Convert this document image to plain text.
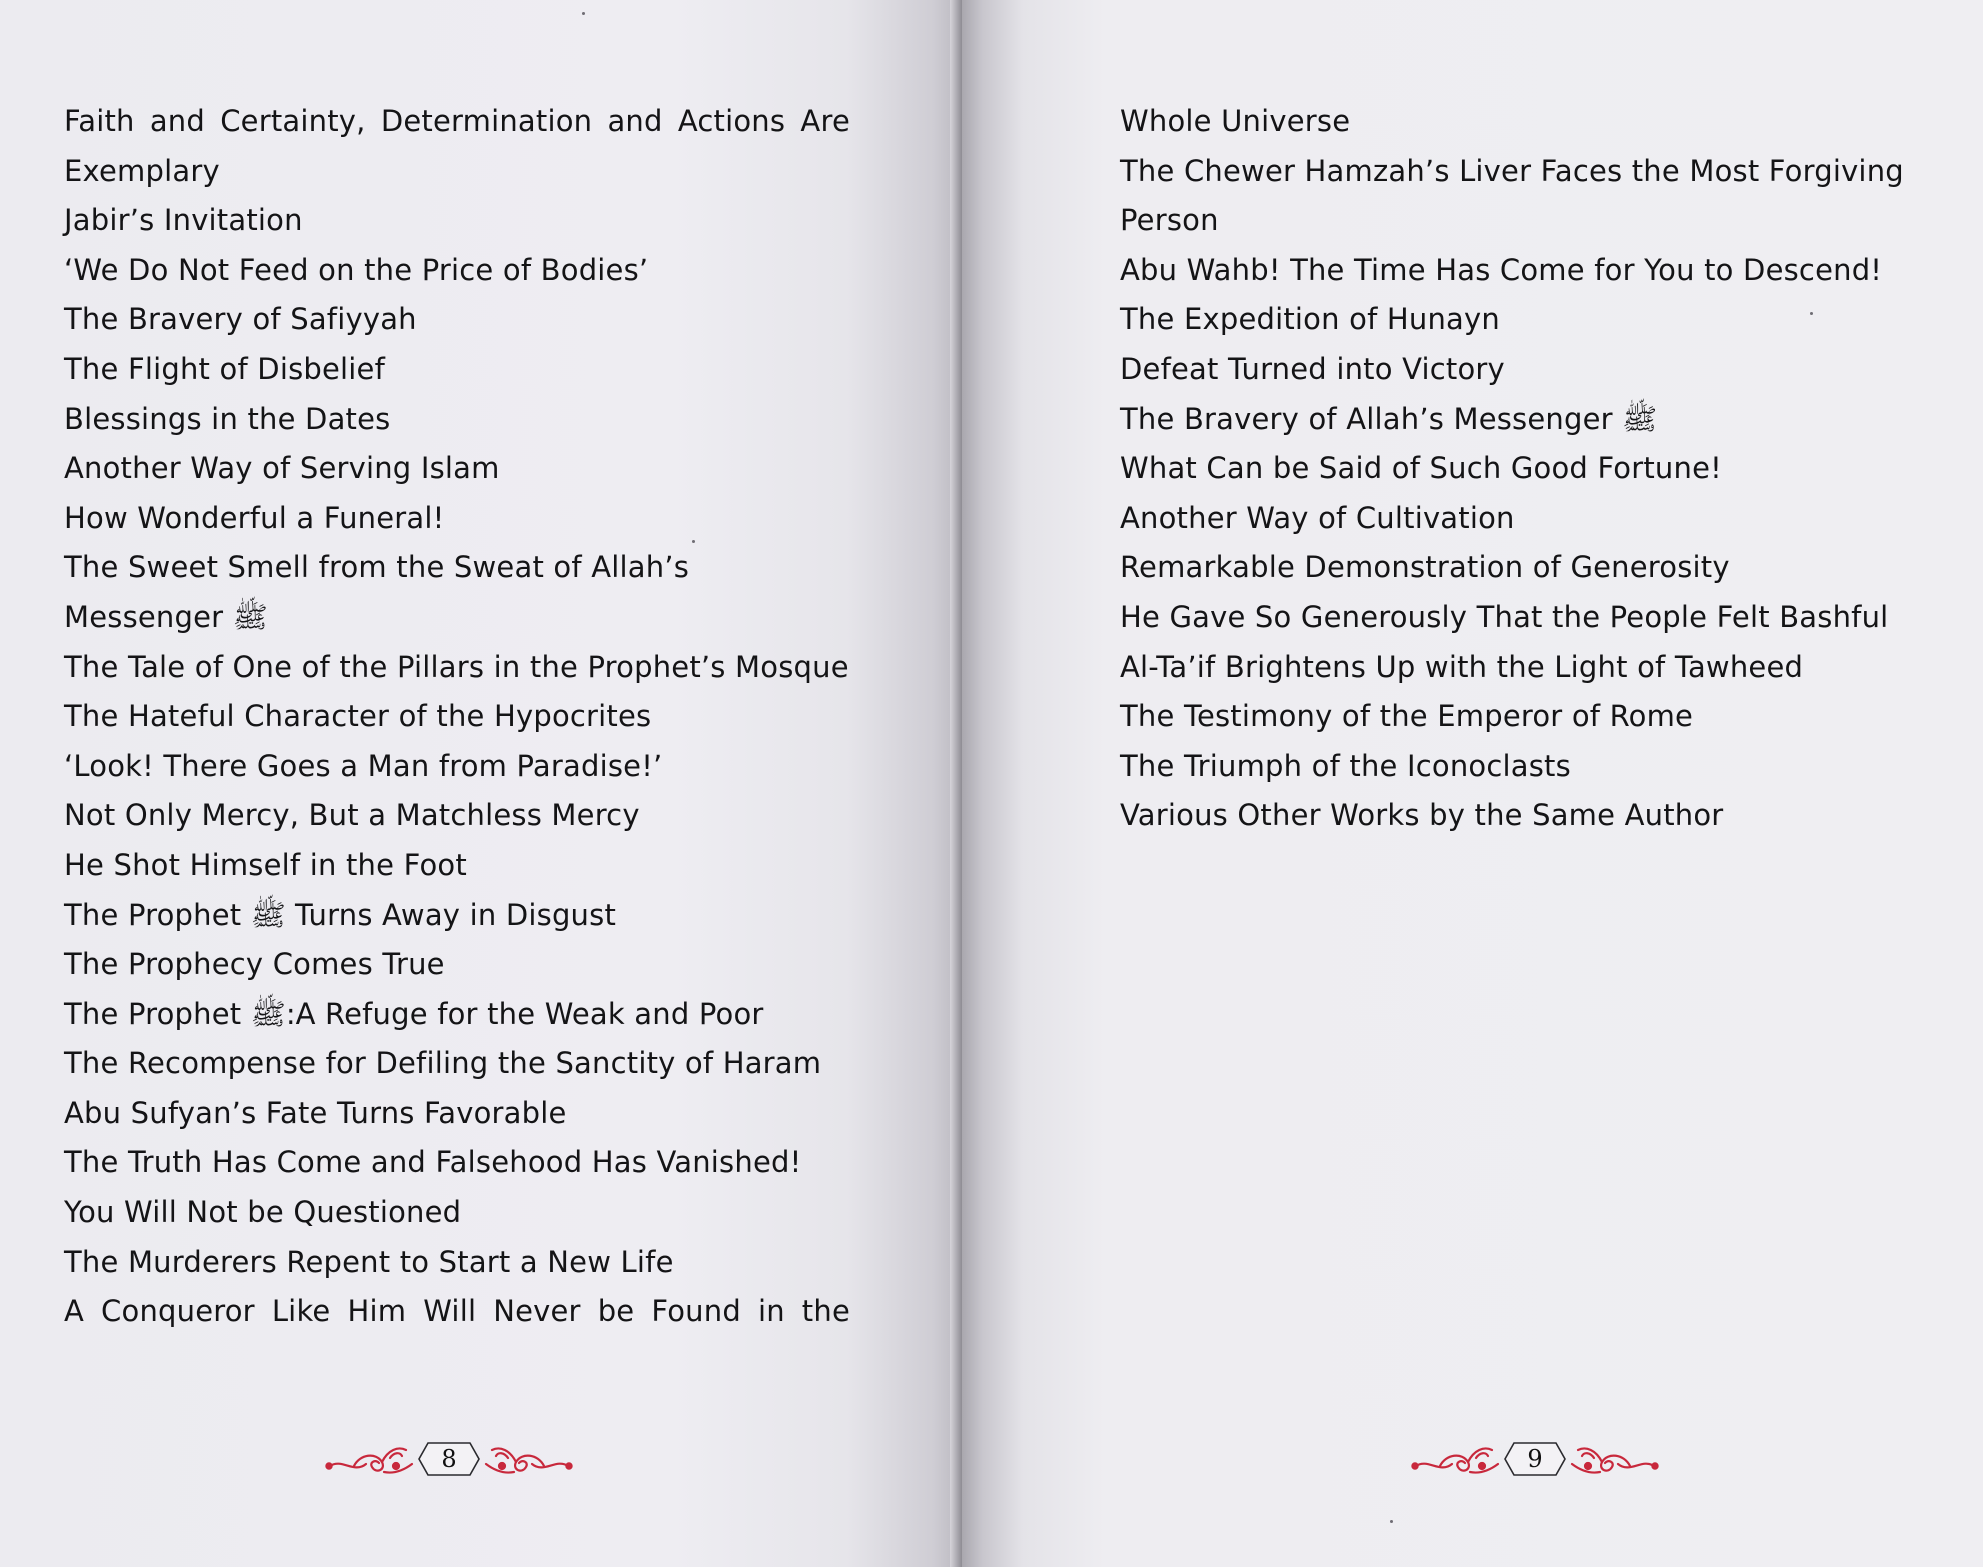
Faith and Certainty, Determination and Actions Are Exemplary
Jabir’s Invitation
‘We Do Not Feed on the Price of Bodies’
The Bravery of Safiyyah
The Flight of Disbelief
Blessings in the Dates
Another Way of Serving Islam
How Wonderful a Funeral!
The Sweet Smell from the Sweat of Allah’s Messenger ﷺ
The Tale of One of the Pillars in the Prophet’s Mosque
The Hateful Character of the Hypocrites
‘Look! There Goes a Man from Paradise!’
Not Only Mercy, But a Matchless Mercy
He Shot Himself in the Foot
The Prophet ﷺ Turns Away in Disgust
The Prophecy Comes True
The Prophet ﷺ:A Refuge for the Weak and Poor
The Recompense for Defiling the Sanctity of Haram
Abu Sufyan’s Fate Turns Favorable
The Truth Has Come and Falsehood Has Vanished!
You Will Not be Questioned
The Murderers Repent to Start a New Life
A Conqueror Like Him Will Never be Found in the
8
Whole Universe
The Chewer Hamzah’s Liver Faces the Most Forgiving Person
Abu Wahb! The Time Has Come for You to Descend!
The Expedition of Hunayn
Defeat Turned into Victory
The Bravery of Allah’s Messenger ﷺ
What Can be Said of Such Good Fortune!
Another Way of Cultivation
Remarkable Demonstration of Generosity
He Gave So Generously That the People Felt Bashful
Al-Ta’if Brightens Up with the Light of Tawheed
The Testimony of the Emperor of Rome
The Triumph of the Iconoclasts
Various Other Works by the Same Author
9
